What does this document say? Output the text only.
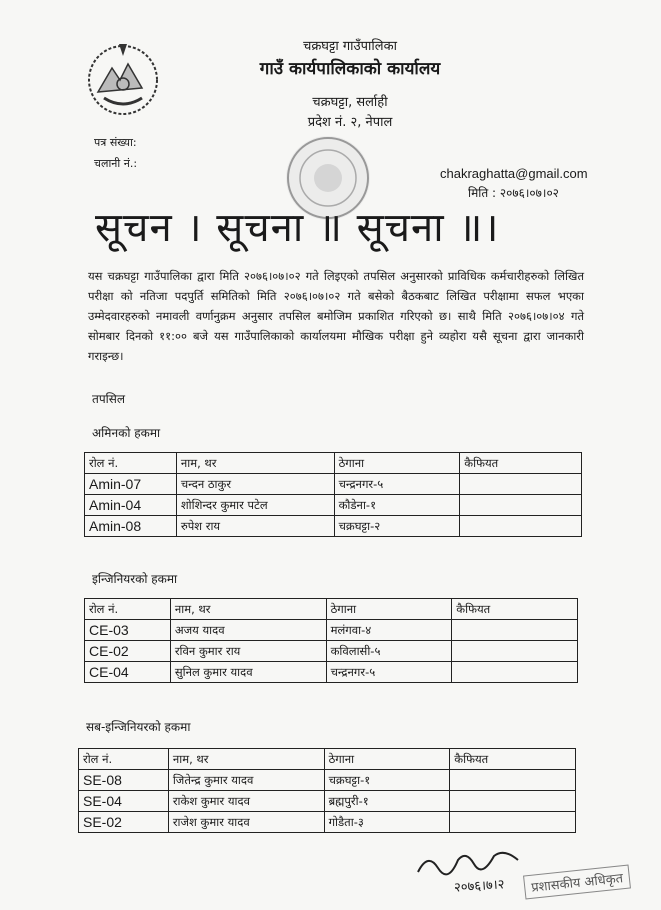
चक्रघट्टा गाउँपालिका
गाउँ कार्यपालिकाको कार्यालय
चक्रघट्टा, सर्लाही
प्रदेश नं. २, नेपाल
पत्र संख्या:
चलानी नं.:
chakraghatta@gmail.com
मिति : २०७६।०७।०२
सूचन । सूचना ॥ सूचना ॥।
यस चक्रघट्टा गाउँपालिका द्वारा मिति २०७६।०७।०२ गते लिइएको तपसिल अनुसारको प्राविधिक कर्मचारीहरुको लिखित परीक्षा को नतिजा पदपुर्ति समितिको मिति २०७६।०७।०२ गते बसेको बैठकबाट लिखित परीक्षामा सफल भएका उम्मेदवारहरुको नमावली वर्णानुक्रम अनुसार तपसिल बमोजिम प्रकाशित गरिएको छ। साथै मिति २०७६।०७।०४ गते सोमबार दिनको ११:०० बजे यस गाउँपालिकाको कार्यालयमा मौखिक परीक्षा हुने व्यहोरा यसै सूचना द्वारा जानकारी गराइन्छ।
तपसिल
अमिनको हकमा
रोल नं.	नाम, थर	ठेगाना	कैफियत
Amin-07	चन्दन ठाकुर	चन्द्रनगर-५	
Amin-04	शोशिन्दर कुमार पटेल	कौडेना-१	
Amin-08	रुपेश राय	चक्रघट्टा-२	
इन्जिनियरको हकमा
रोल नं.	नाम, थर	ठेगाना	कैफियत
CE-03	अजय यादव	मलंगवा-४	
CE-02	रविन कुमार राय	कविलासी-५	
CE-04	सुनिल कुमार यादव	चन्द्रनगर-५	
सब-इन्जिनियरको हकमा
रोल नं.	नाम, थर	ठेगाना	कैफियत
SE-08	जितेन्द्र कुमार यादव	चक्रघट्टा-१	
SE-04	राकेश कुमार यादव	ब्रह्मपुरी-१	
SE-02	राजेश कुमार यादव	गोडैता-३	
२०७६।७।२	प्रशासकीय अधिकृत
